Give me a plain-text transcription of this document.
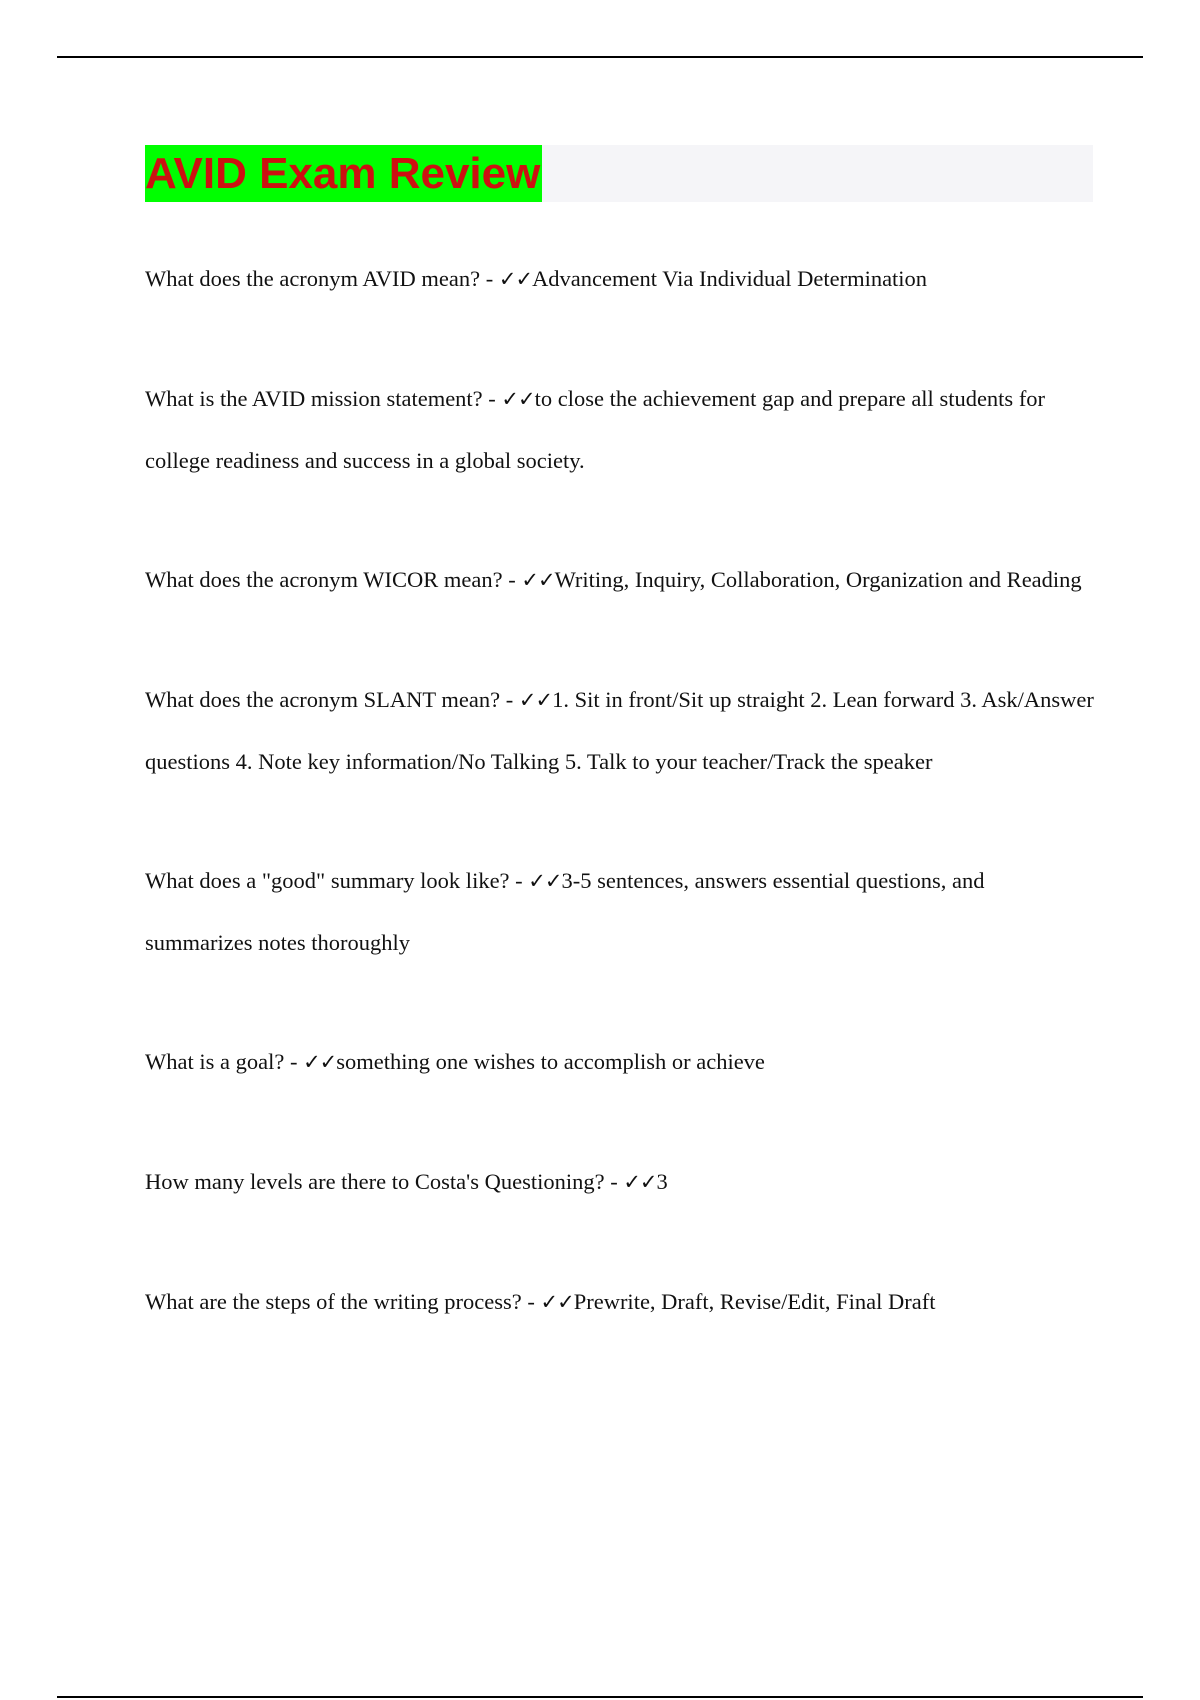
AVID Exam Review

What does the acronym AVID mean? - ✓✓Advancement Via Individual Determination

What is the AVID mission statement? - ✓✓to close the achievement gap and prepare all students for college readiness and success in a global society.

What does the acronym WICOR mean? - ✓✓Writing, Inquiry, Collaboration, Organization and Reading

What does the acronym SLANT mean? - ✓✓1. Sit in front/Sit up straight 2. Lean forward 3. Ask/Answer questions 4. Note key information/No Talking 5. Talk to your teacher/Track the speaker

What does a "good" summary look like? - ✓✓3-5 sentences, answers essential questions, and summarizes notes thoroughly

What is a goal? - ✓✓something one wishes to accomplish or achieve

How many levels are there to Costa's Questioning? - ✓✓3

What are the steps of the writing process? - ✓✓Prewrite, Draft, Revise/Edit, Final Draft
